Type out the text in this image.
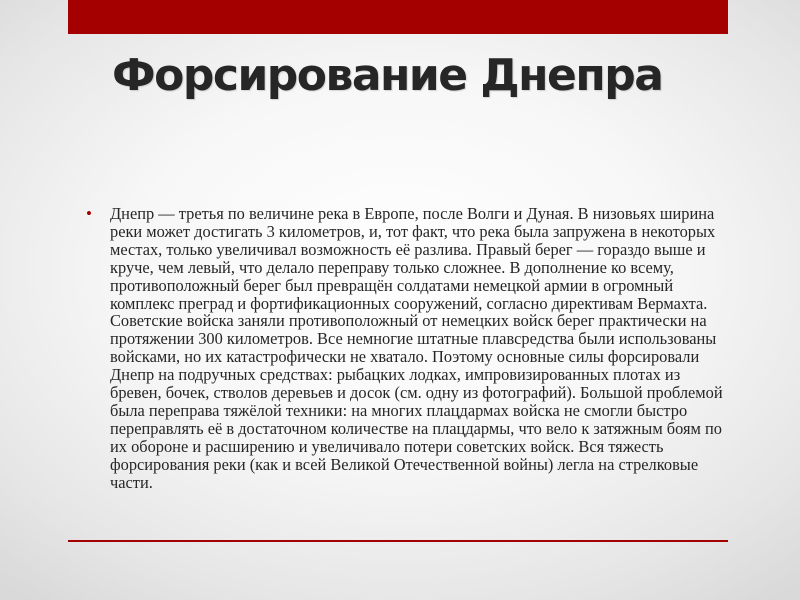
Форсирование Днепра

• Днепр — третья по величине река в Европе, после Волги и Дуная. В низовьях ширина реки может достигать 3 километров, и, тот факт, что река была запружена в некоторых местах, только увеличивал возможность её разлива. Правый берег — гораздо выше и круче, чем левый, что делало переправу только сложнее. В дополнение ко всему, противоположный берег был превращён солдатами немецкой армии в огромный комплекс преград и фортификационных сооружений, согласно директивам Вермахта. Советские войска заняли противоположный от немецких войск берег практически на протяжении 300 километров. Все немногие штатные плавсредства были использованы войсками, но их катастрофически не хватало. Поэтому основные силы форсировали Днепр на подручных средствах: рыбацких лодках, импровизированных плотах из бревен, бочек, стволов деревьев и досок (см. одну из фотографий). Большой проблемой была переправа тяжёлой техники: на многих плацдармах войска не смогли быстро переправлять её в достаточном количестве на плацдармы, что вело к затяжным боям по их обороне и расширению и увеличивало потери советских войск. Вся тяжесть форсирования реки (как и всей Великой Отечественной войны) легла на стрелковые части.
